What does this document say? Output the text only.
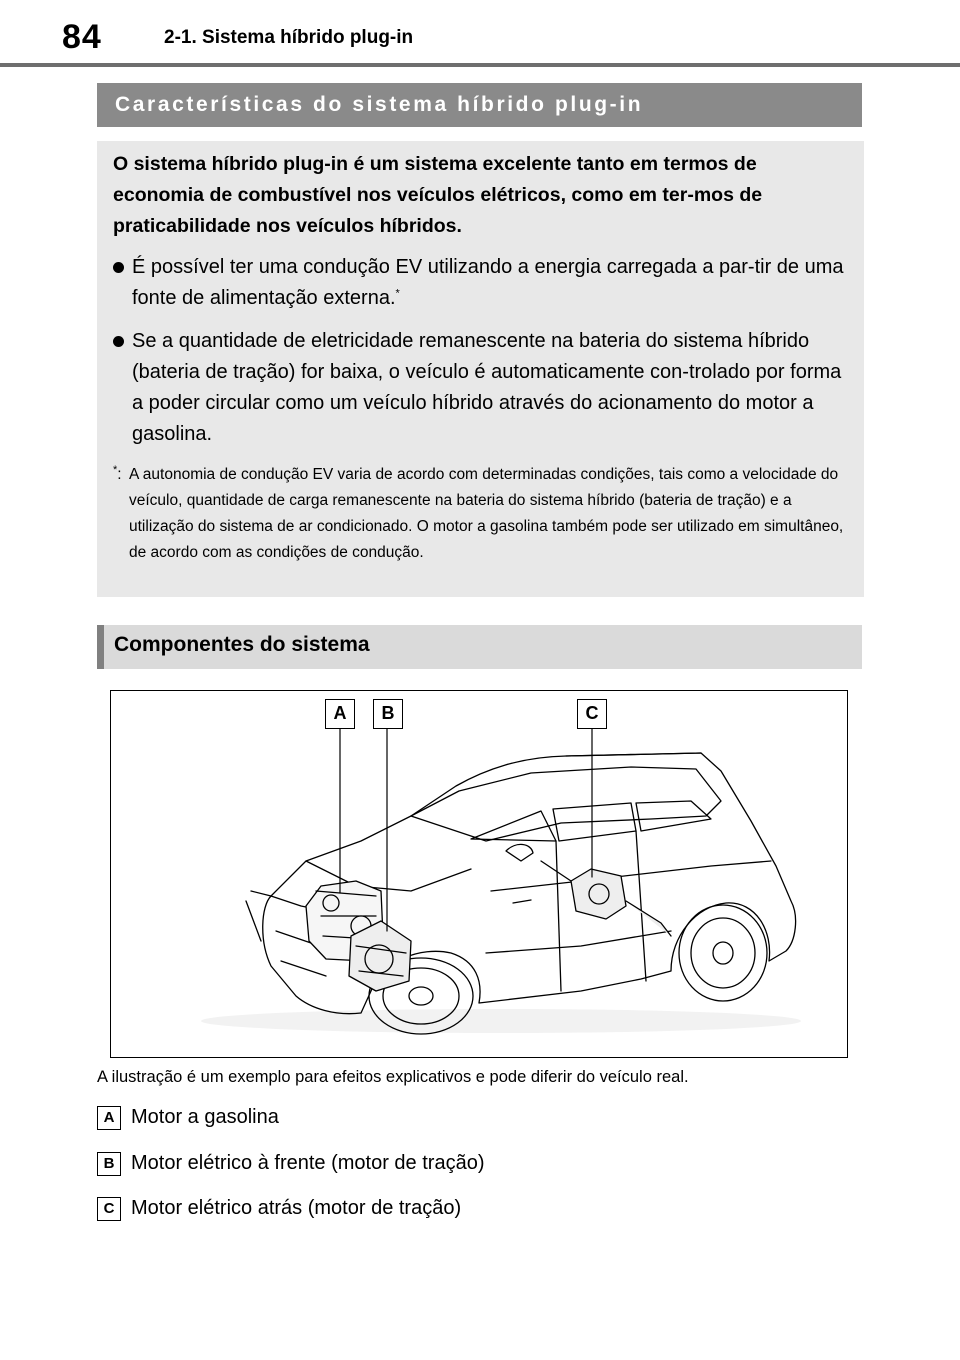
84	2-1. Sistema híbrido plug-in
Características do sistema híbrido plug-in

O sistema híbrido plug-in é um sistema excelente tanto em termos de economia de combustível nos veículos elétricos, como em ter-mos de praticabilidade nos veículos híbridos.

É possível ter uma condução EV utilizando a energia carregada a par-tir de uma fonte de alimentação externa.*
Se a quantidade de eletricidade remanescente na bateria do sistema híbrido (bateria de tração) for baixa, o veículo é automaticamente con-trolado por forma a poder circular como um veículo híbrido através do acionamento do motor a gasolina.
*: A autonomia de condução EV varia de acordo com determinadas condições, tais como a velocidade do veículo, quantidade de carga remanescente na bateria do sistema híbrido (bateria de tração) e a utilização do sistema de ar condicionado. O motor a gasolina também pode ser utilizado em simultâneo, de acordo com as condições de condução.
Componentes do sistema
A	B	C
A ilustração é um exemplo para efeitos explicativos e pode diferir do veículo real.
A Motor a gasolina
B Motor elétrico à frente (motor de tração)
C Motor elétrico atrás (motor de tração)
